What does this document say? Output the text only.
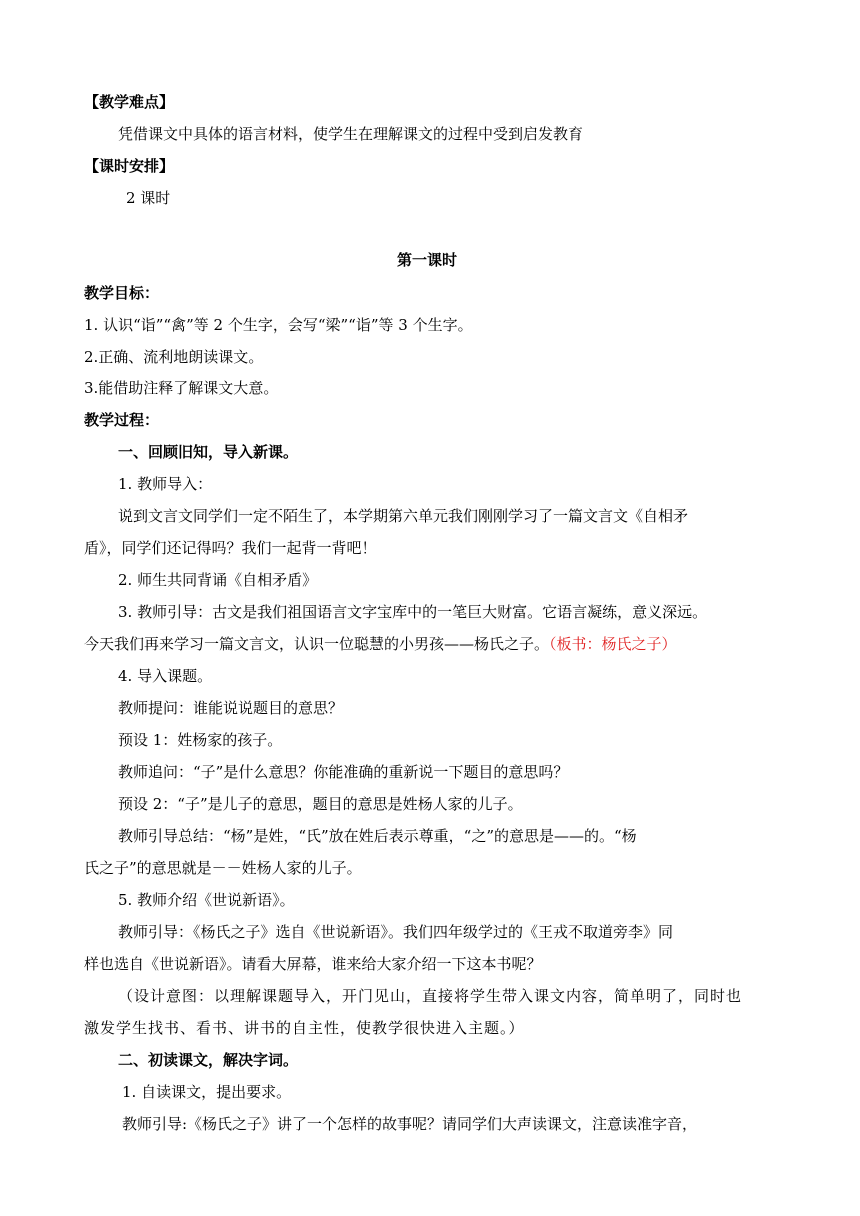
【教学难点】
凭借课文中具体的语言材料，使学生在理解课文的过程中受到启发教育
【课时安排】
2 课时
第一课时
教学目标：
1. 认识“诣”“禽”等 2 个生字，会写“梁”“诣”等 3 个生字。
2.正确、流利地朗读课文。
3.能借助注释了解课文大意。
教学过程：
一、回顾旧知，导入新课。
1. 教师导入：
说到文言文同学们一定不陌生了，本学期第六单元我们刚刚学习了一篇文言文《自相矛
盾》，同学们还记得吗？我们一起背一背吧！
2. 师生共同背诵《自相矛盾》
3. 教师引导：古文是我们祖国语言文字宝库中的一笔巨大财富。它语言凝练，意义深远。
今天我们再来学习一篇文言文，认识一位聪慧的小男孩——杨氏之子。（板书：杨氏之子）
4. 导入课题。
教师提问：谁能说说题目的意思？
预设 1：姓杨家的孩子。
教师追问：“子”是什么意思？你能准确的重新说一下题目的意思吗？
预设 2：“子”是儿子的意思，题目的意思是姓杨人家的儿子。
教师引导总结：“杨”是姓，“氏”放在姓后表示尊重，“之”的意思是——的。“杨
氏之子”的意思就是－－姓杨人家的儿子。
5. 教师介绍《世说新语》。
教师引导：《杨氏之子》选自《世说新语》。我们四年级学过的《王戎不取道旁李》同
样也选自《世说新语》。请看大屏幕，谁来给大家介绍一下这本书呢？
（设计意图：以理解课题导入，开门见山，直接将学生带入课文内容，简单明了，同时也
激发学生找书、看书、讲书的自主性，使教学很快进入主题。）
二、初读课文，解决字词。
1. 自读课文，提出要求。
教师引导:《杨氏之子》讲了一个怎样的故事呢？请同学们大声读课文，注意读准字音，
